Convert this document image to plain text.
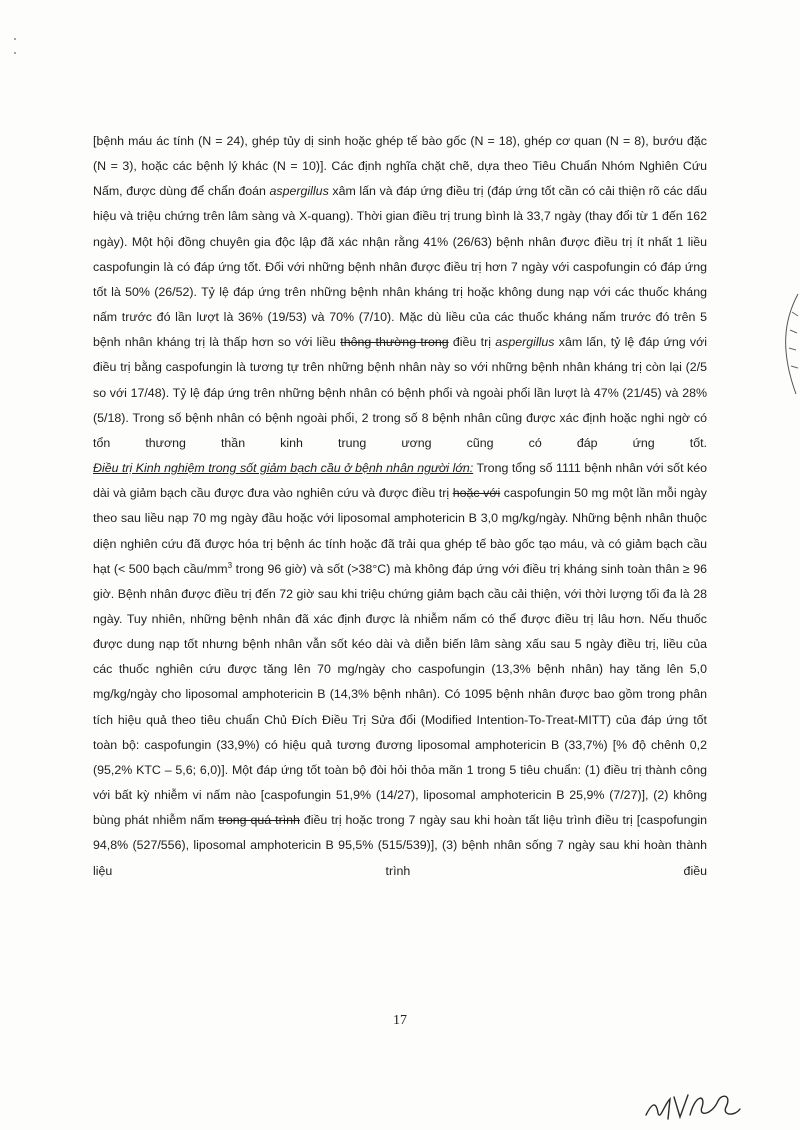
[bệnh máu ác tính (N = 24), ghép tủy dị sinh hoặc ghép tế bào gốc (N = 18), ghép cơ quan (N = 8), bướu đặc (N = 3), hoặc các bệnh lý khác (N = 10)]. Các định nghĩa chặt chẽ, dựa theo Tiêu Chuẩn Nhóm Nghiên Cứu Nấm, được dùng để chẩn đoán aspergillus xâm lấn và đáp ứng điều trị (đáp ứng tốt cần có cải thiện rõ các dấu hiệu và triệu chứng trên lâm sàng và X-quang). Thời gian điều trị trung bình là 33,7 ngày (thay đổi từ 1 đến 162 ngày). Một hội đồng chuyên gia độc lập đã xác nhận rằng 41% (26/63) bệnh nhân được điều trị ít nhất 1 liều caspofungin là có đáp ứng tốt. Đối với những bệnh nhân được điều trị hơn 7 ngày với caspofungin có đáp ứng tốt là 50% (26/52). Tỷ lệ đáp ứng trên những bệnh nhân kháng trị hoặc không dung nạp với các thuốc kháng nấm trước đó lần lượt là 36% (19/53) và 70% (7/10). Mặc dù liều của các thuốc kháng nấm trước đó trên 5 bệnh nhân kháng trị là thấp hơn so với liều thông thường trong điều trị aspergillus xâm lấn, tỷ lệ đáp ứng với điều trị bằng caspofungin là tương tự trên những bệnh nhân này so với những bệnh nhân kháng trị còn lại (2/5 so với 17/48). Tỷ lệ đáp ứng trên những bệnh nhân có bệnh phổi và ngoài phổi lần lượt là 47% (21/45) và 28% (5/18). Trong số bệnh nhân có bệnh ngoài phổi, 2 trong số 8 bệnh nhân cũng được xác định hoặc nghi ngờ có tổn thương thần kinh trung ương cũng có đáp ứng tốt.

Điều trị Kinh nghiệm trong sốt giảm bạch cầu ở bệnh nhân người lớn: Trong tổng số 1111 bệnh nhân với sốt kéo dài và giảm bạch cầu được đưa vào nghiên cứu và được điều trị hoặc với caspofungin 50 mg một lần mỗi ngày theo sau liều nạp 70 mg ngày đầu hoặc với liposomal amphotericin B 3,0 mg/kg/ngày. Những bệnh nhân thuộc diện nghiên cứu đã được hóa trị bệnh ác tính hoặc đã trải qua ghép tế bào gốc tạo máu, và có giảm bạch cầu hạt (< 500 bạch cầu/$mm^3$ trong 96 giờ) và sốt (>38°C) mà không đáp ứng với điều trị kháng sinh toàn thân ≥ 96 giờ. Bệnh nhân được điều trị đến 72 giờ sau khi triệu chứng giảm bạch cầu cải thiện, với thời lượng tối đa là 28 ngày. Tuy nhiên, những bệnh nhân đã xác định được là nhiễm nấm có thể được điều trị lâu hơn. Nếu thuốc được dung nạp tốt nhưng bệnh nhân vẫn sốt kéo dài và diễn biến lâm sàng xấu sau 5 ngày điều trị, liều của các thuốc nghiên cứu được tăng lên 70 mg/ngày cho caspofungin (13,3% bệnh nhân) hay tăng lên 5,0 mg/kg/ngày cho liposomal amphotericin B (14,3% bệnh nhân). Có 1095 bệnh nhân được bao gồm trong phân tích hiệu quả theo tiêu chuẩn Chủ Đích Điều Trị Sửa đổi (Modified Intention-To-Treat-MITT) của đáp ứng tốt toàn bộ: caspofungin (33,9%) có hiệu quả tương đương liposomal amphotericin B (33,7%) [% độ chênh 0,2 (95,2% KTC – 5,6; 6,0)]. Một đáp ứng tốt toàn bộ đòi hỏi thỏa mãn 1 trong 5 tiêu chuẩn: (1) điều trị thành công với bất kỳ nhiễm vi nấm nào [caspofungin 51,9% (14/27), liposomal amphotericin B 25,9% (7/27)], (2) không bùng phát nhiễm nấm trong quá trình điều trị hoặc trong 7 ngày sau khi hoàn tất liệu trình điều trị [caspofungin 94,8% (527/556), liposomal amphotericin B 95,5% (515/539)], (3) bệnh nhân sống 7 ngày sau khi hoàn thành liệu trình điều

17
